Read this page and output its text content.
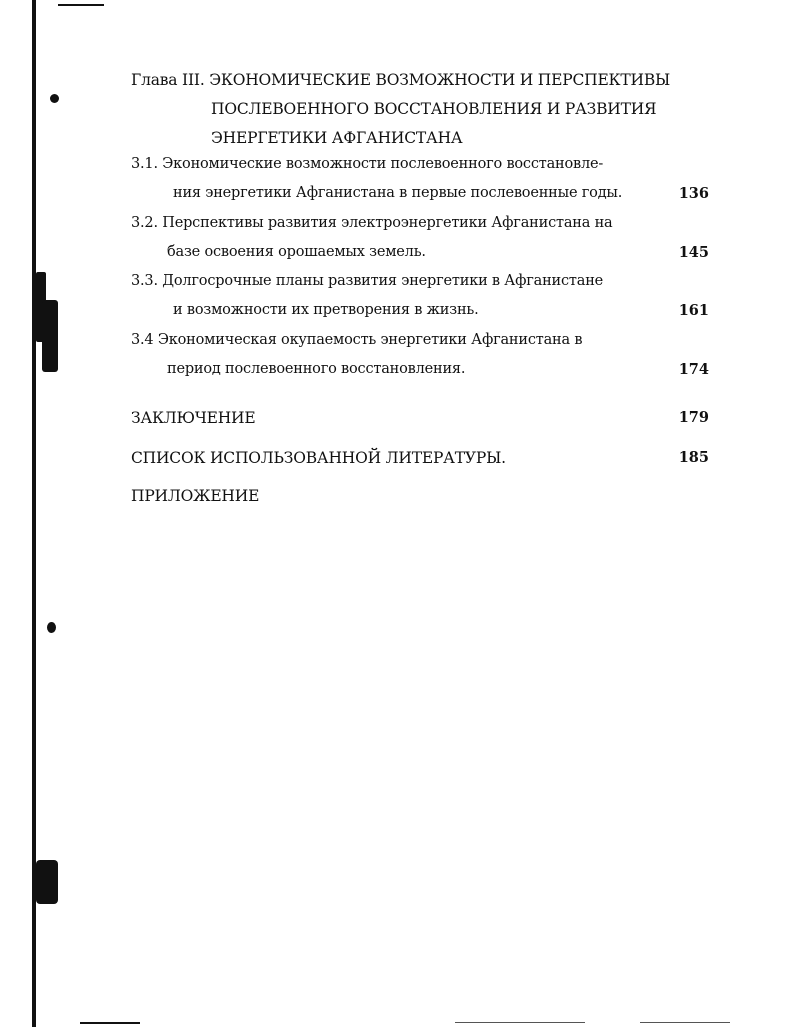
Глава III. ЭКОНОМИЧЕСКИЕ ВОЗМОЖНОСТИ И ПЕРСПЕКТИВЫ
ПОСЛЕВОЕННОГО ВОССТАНОВЛЕНИЯ И РАЗВИТИЯ
ЭНЕРГЕТИКИ АФГАНИСТАНА
3.1. Экономические возможности послевоенного восстановле-
ния энергетики Афганистана в первые послевоенные годы.	136
3.2. Перспективы развития электроэнергетики Афганистана на
базе освоения орошаемых земель.	145
3.3. Долгосрочные планы развития энергетики в Афганистане
и возможности их претворения в жизнь.	161
3.4 Экономическая окупаемость энергетики Афганистана в
период послевоенного восстановления.	174
ЗАКЛЮЧЕНИЕ	179
СПИСОК ИСПОЛЬЗОВАННОЙ ЛИТЕРАТУРЫ.	185
ПРИЛОЖЕНИЕ
